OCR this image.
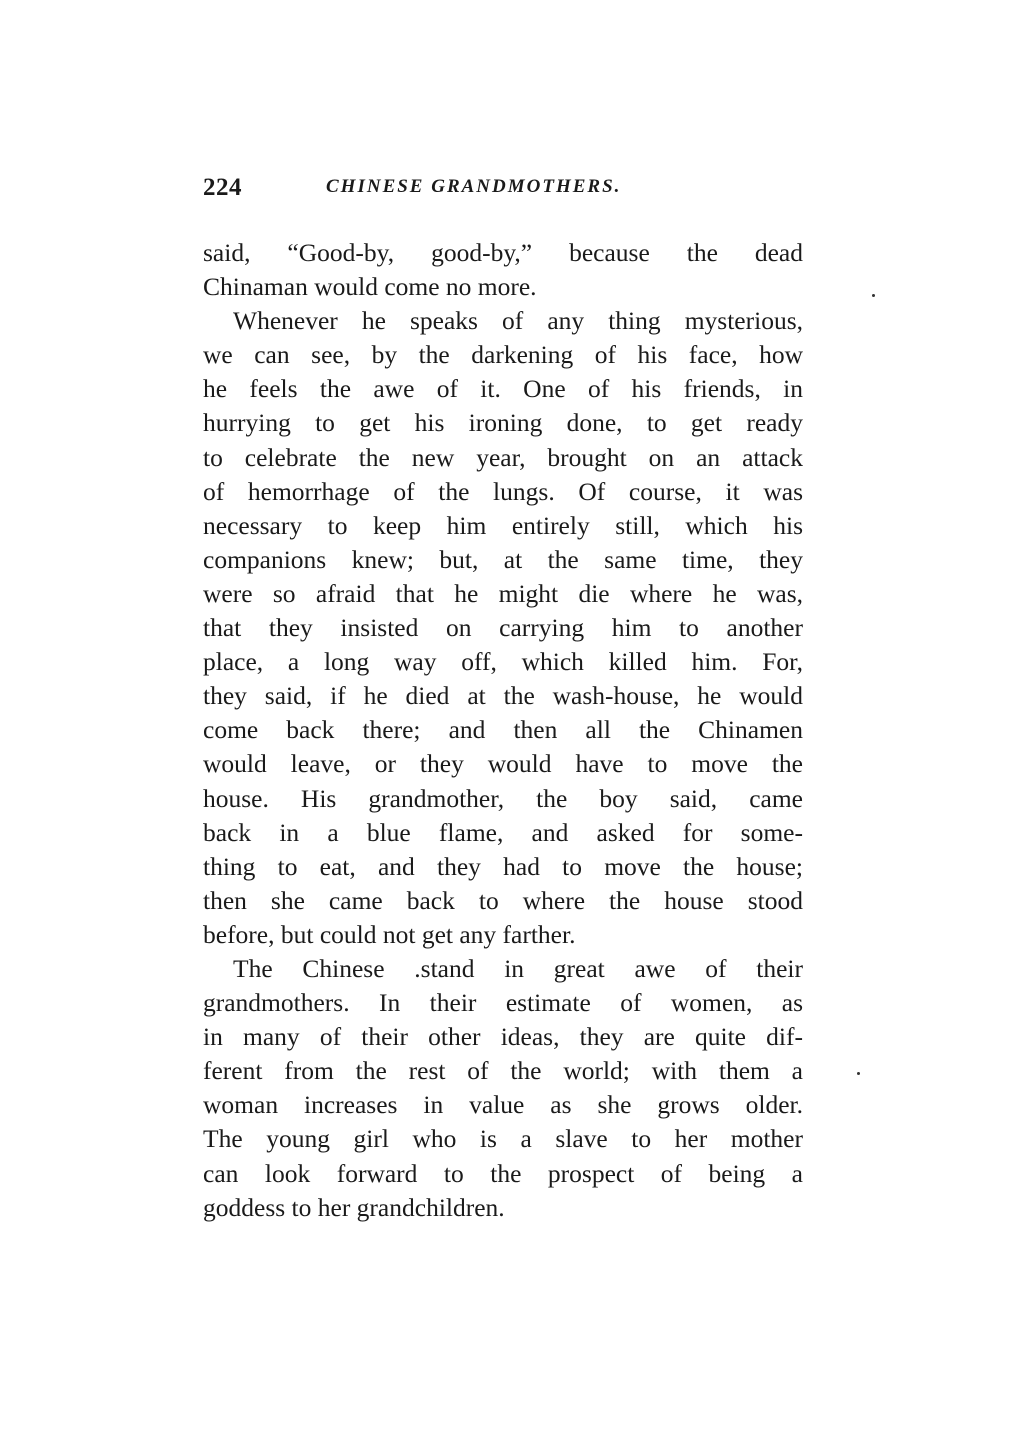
224	CHINESE GRANDMOTHERS.
said, “Good-by, good-by,” because the dead
Chinaman would come no more.
Whenever he speaks of any thing mysterious,
we can see, by the darkening of his face, how
he feels the awe of it. One of his friends, in
hurrying to get his ironing done, to get ready
to celebrate the new year, brought on an attack
of hemorrhage of the lungs. Of course, it was
necessary to keep him entirely still, which his
companions knew; but, at the same time, they
were so afraid that he might die where he was,
that they insisted on carrying him to another
place, a long way off, which killed him. For,
they said, if he died at the wash-house, he would
come back there; and then all the Chinamen
would leave, or they would have to move the
house. His grandmother, the boy said, came
back in a blue flame, and asked for some-
thing to eat, and they had to move the house;
then she came back to where the house stood
before, but could not get any farther.
The Chinese .stand in great awe of their
grandmothers. In their estimate of women, as
in many of their other ideas, they are quite dif-
ferent from the rest of the world; with them a
woman increases in value as she grows older.
The young girl who is a slave to her mother
can look forward to the prospect of being a
goddess to her grandchildren.
